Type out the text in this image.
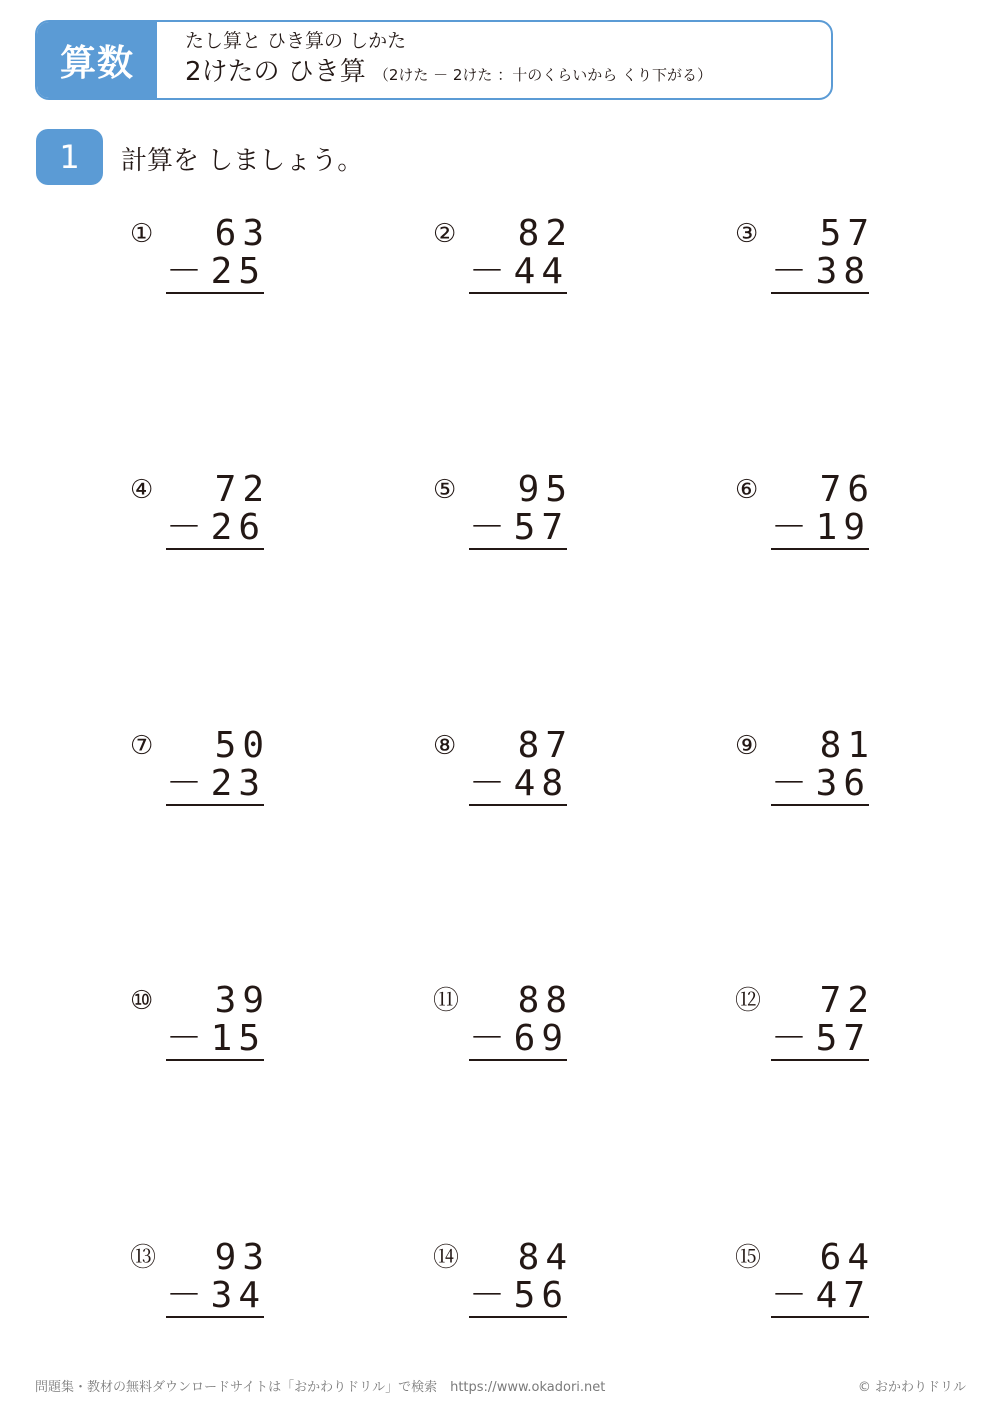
算数
たし算と ひき算の しかた
2けたの ひき算 （2けた － 2けた ：十のくらいから くり下がる）
1	計算を しましょう。
①	63
－ 25
②	82
－ 44
③	57
－ 38
④	72
－ 26
⑤	95
－ 57
⑥	76
－ 19
⑦	50
－ 23
⑧	87
－ 48
⑨	81
－ 36
⑩	39
－ 15
⑪	88
－ 69
⑫	72
－ 57
⑬	93
－ 34
⑭	84
－ 56
⑮	64
－ 47
問題集・教材の無料ダウンロードサイトは「おかわりドリル」で検索　https://www.okadori.net	© おかわりドリル
